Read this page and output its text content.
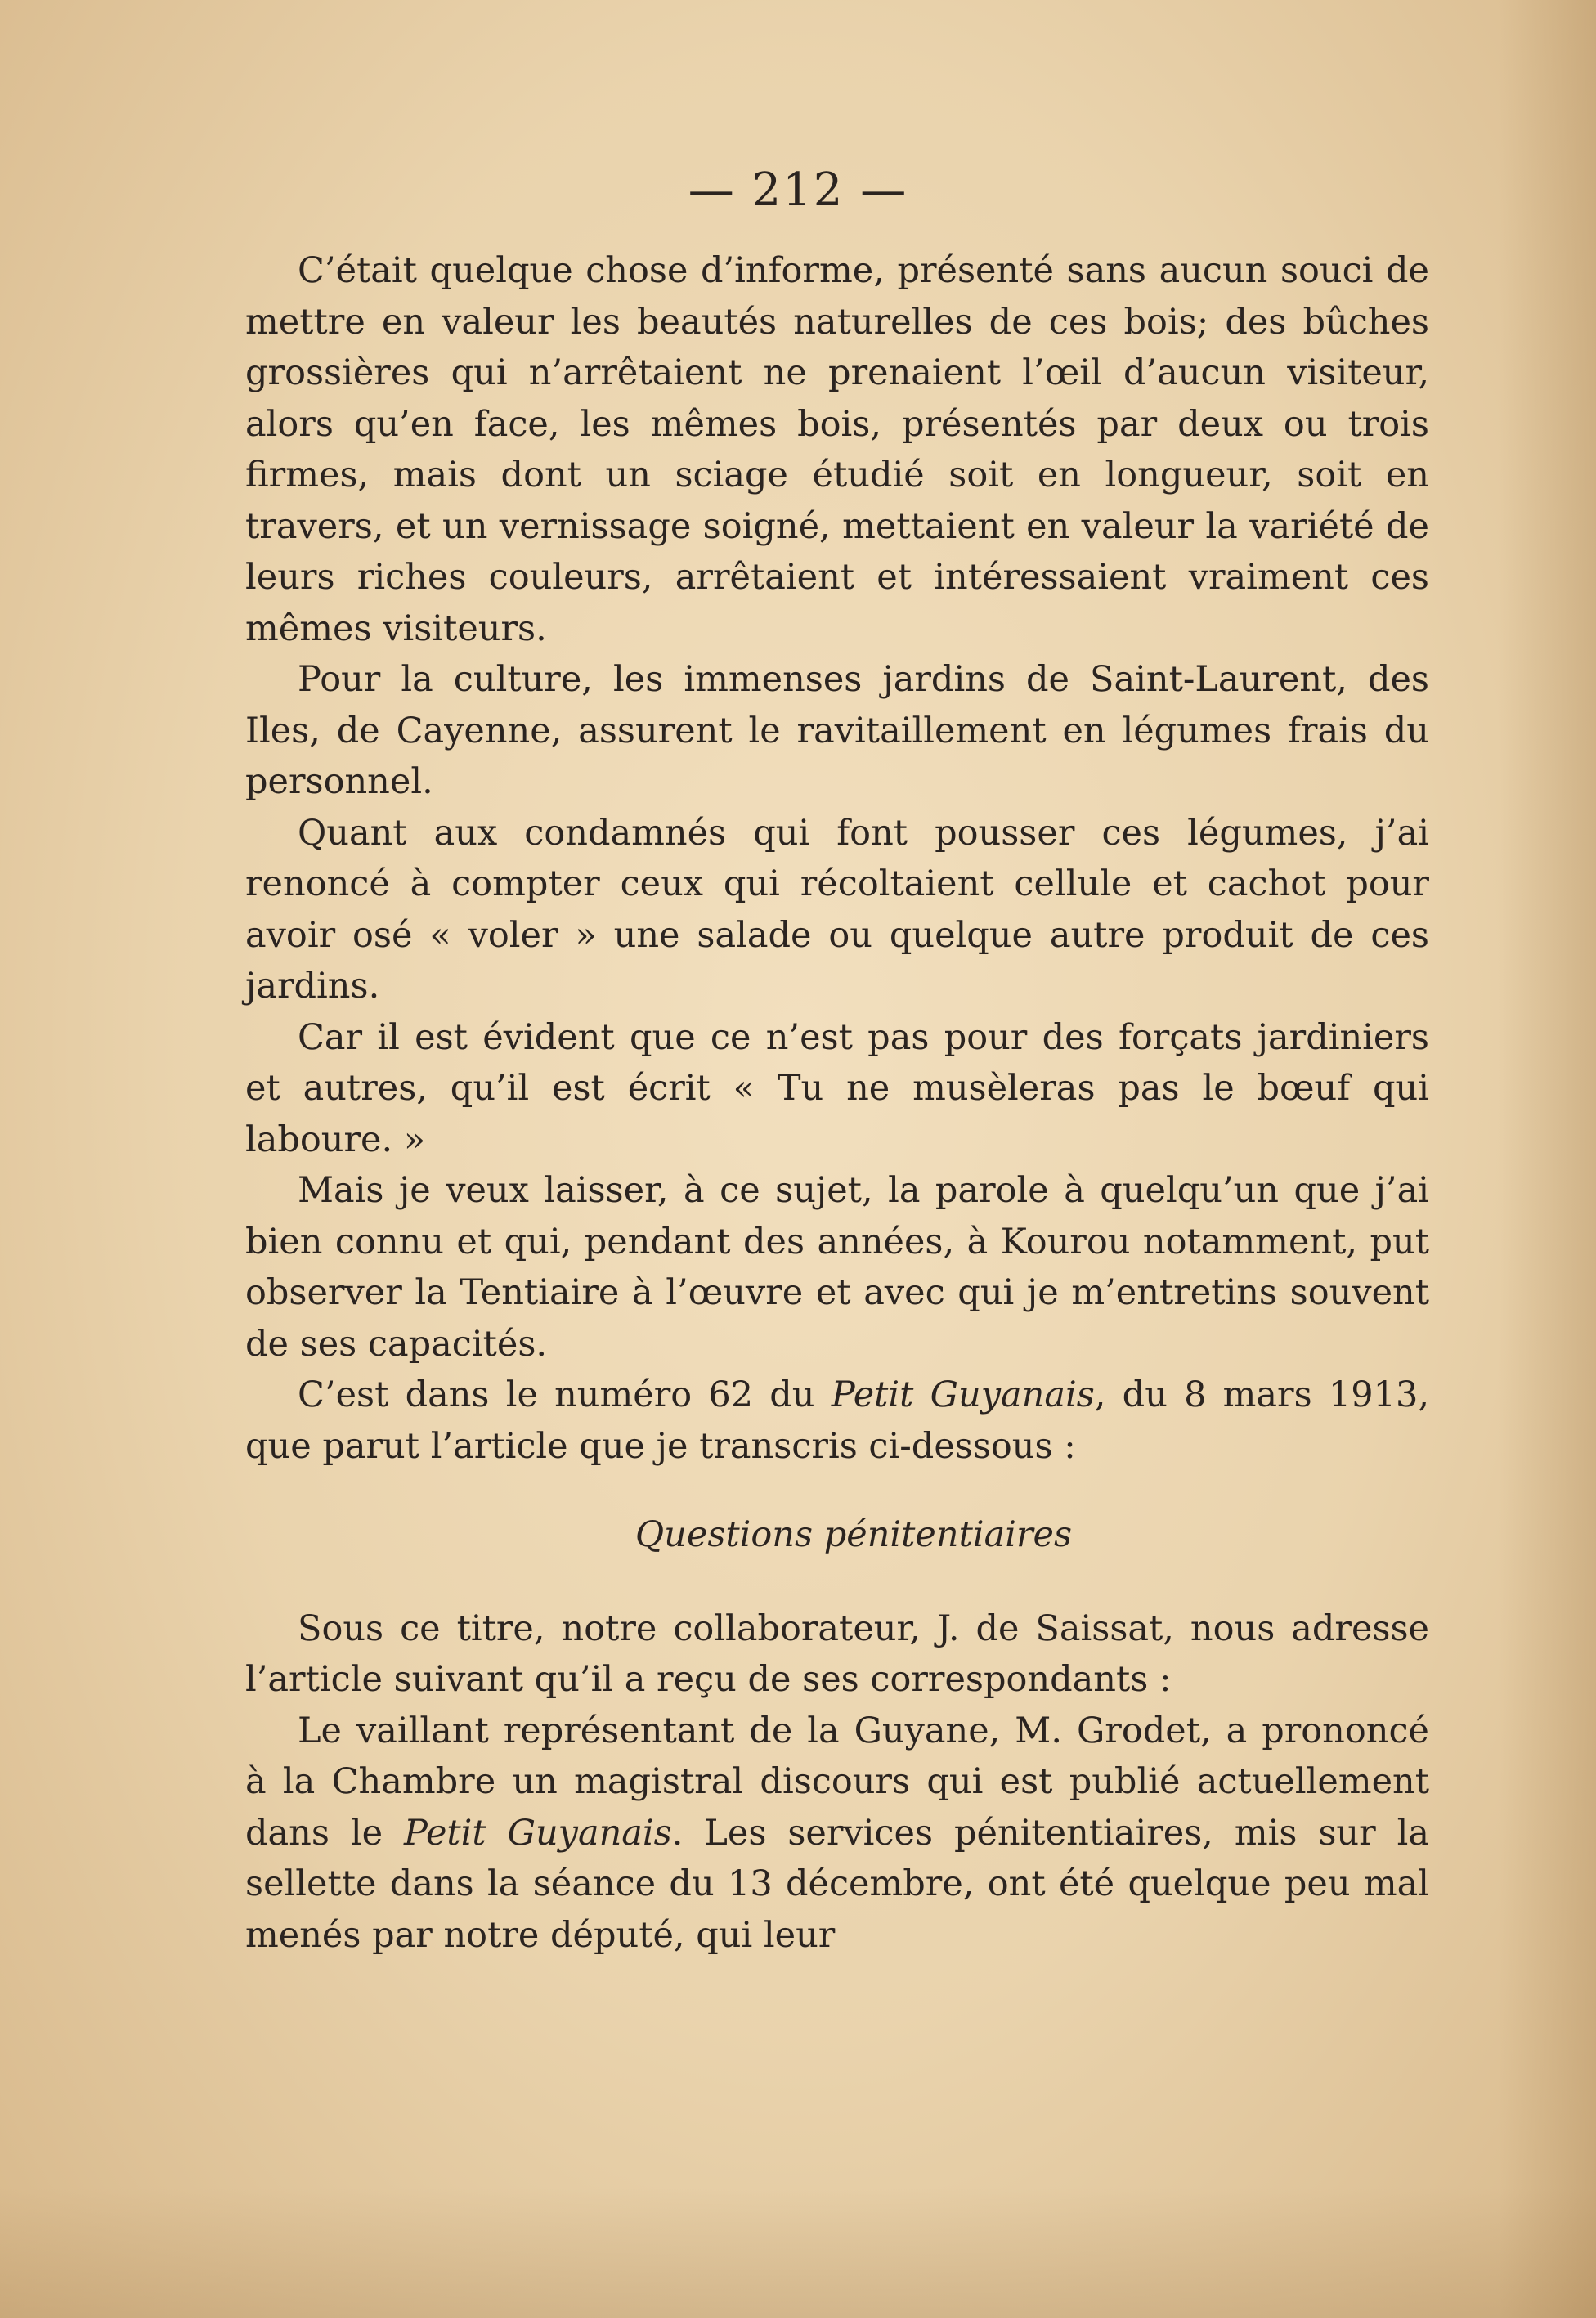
— 212 —

C’était quelque chose d’informe, présenté sans aucun souci de mettre en valeur les beautés naturelles de ces bois; des bûches grossières qui n’arrêtaient ne prenaient l’œil d’aucun visiteur, alors qu’en face, les mêmes bois, présentés par deux ou trois firmes, mais dont un sciage étudié soit en longueur, soit en travers, et un vernissage soigné, mettaient en valeur la variété de leurs riches couleurs, arrêtaient et intéressaient vraiment ces mêmes visiteurs.

Pour la culture, les immenses jardins de Saint-Laurent, des Iles, de Cayenne, assurent le ravitaillement en légumes frais du personnel.

Quant aux condamnés qui font pousser ces légumes, j’ai renoncé à compter ceux qui récoltaient cellule et cachot pour avoir osé « voler » une salade ou quelque autre produit de ces jardins.

Car il est évident que ce n’est pas pour des forçats jardiniers et autres, qu’il est écrit « Tu ne musèleras pas le bœuf qui laboure. »

Mais je veux laisser, à ce sujet, la parole à quelqu’un que j’ai bien connu et qui, pendant des années, à Kourou notamment, put observer la Tentiaire à l’œuvre et avec qui je m’entretins souvent de ses capacités.

C’est dans le numéro 62 du Petit Guyanais, du 8 mars 1913, que parut l’article que je transcris ci-dessous :

Questions pénitentiaires

Sous ce titre, notre collaborateur, J. de Saissat, nous adresse l’article suivant qu’il a reçu de ses correspondants :

Le vaillant représentant de la Guyane, M. Grodet, a prononcé à la Chambre un magistral discours qui est publié actuellement dans le Petit Guyanais. Les services pénitentiaires, mis sur la sellette dans la séance du 13 décembre, ont été quelque peu mal menés par notre député, qui leur
